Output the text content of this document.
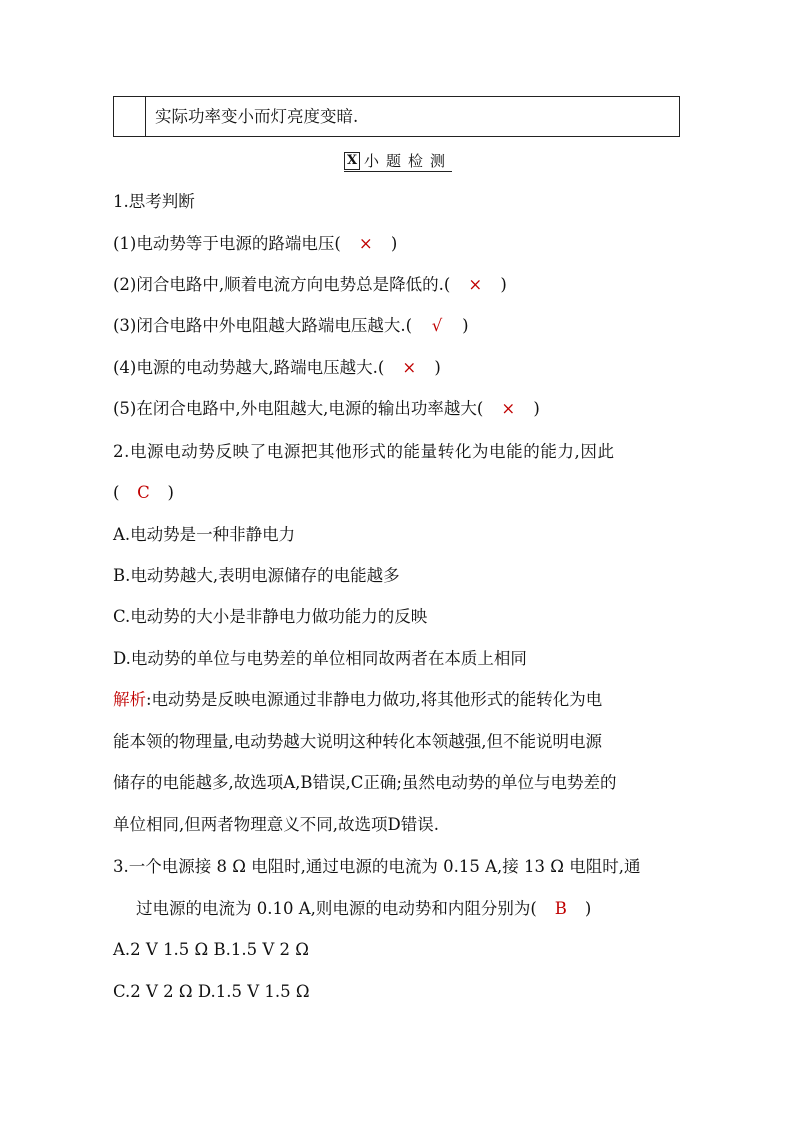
实际功率变小而灯亮度变暗.
X 小题检测
1.思考判断
(1)电动势等于电源的路端电压( × )
(2)闭合电路中,顺着电流方向电势总是降低的.( × )
(3)闭合电路中外电阻越大路端电压越大.( √ )
(4)电源的电动势越大,路端电压越大.( × )
(5)在闭合电路中,外电阻越大,电源的输出功率越大( × )
2.电源电动势反映了电源把其他形式的能量转化为电能的能力,因此
( C )
A.电动势是一种非静电力
B.电动势越大,表明电源储存的电能越多
C.电动势的大小是非静电力做功能力的反映
D.电动势的单位与电势差的单位相同故两者在本质上相同
解析:电动势是反映电源通过非静电力做功,将其他形式的能转化为电
能本领的物理量,电动势越大说明这种转化本领越强,但不能说明电源
储存的电能越多,故选项A,B错误,C正确;虽然电动势的单位与电势差的
单位相同,但两者物理意义不同,故选项D错误.
3.一个电源接 8 Ω 电阻时,通过电源的电流为 0.15 A,接 13 Ω 电阻时,通
过电源的电流为 0.10 A,则电源的电动势和内阻分别为( B )
A.2 V 1.5 Ω B.1.5 V 2 Ω
C.2 V 2 Ω D.1.5 V 1.5 Ω
